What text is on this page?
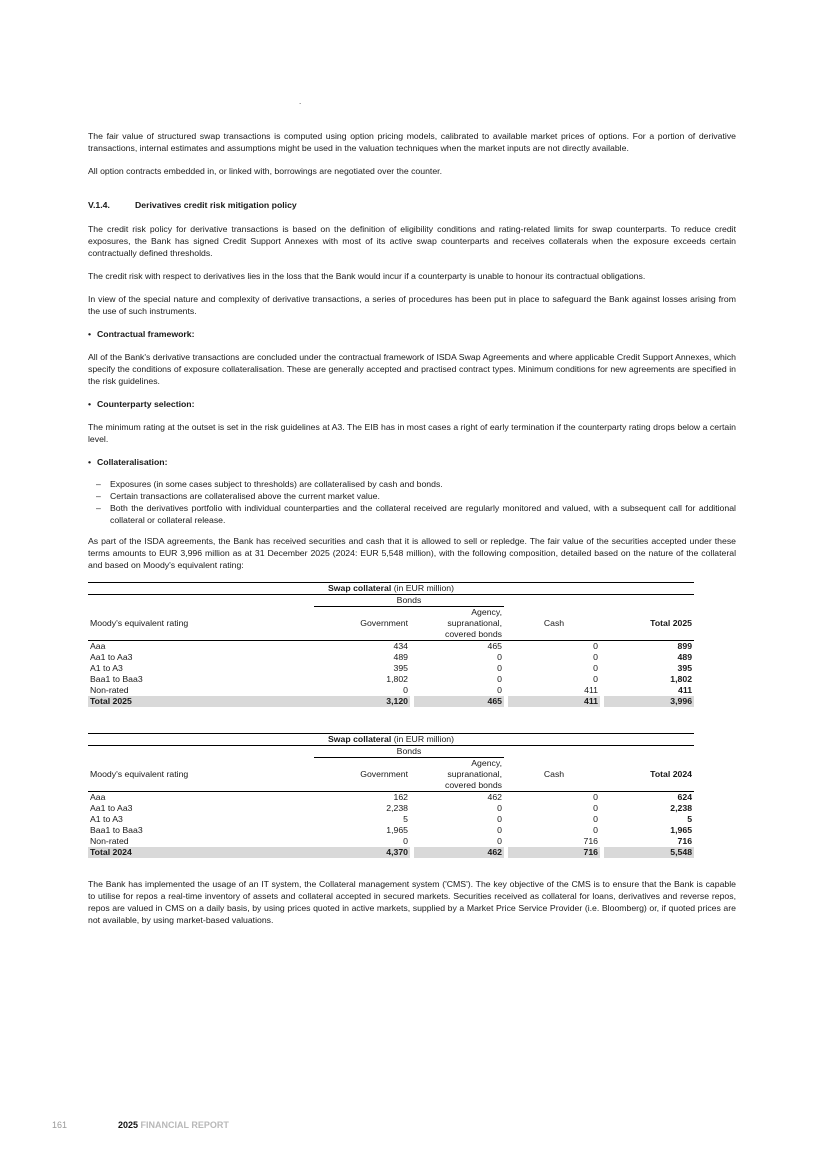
.

The fair value of structured swap transactions is computed using option pricing models, calibrated to available market prices of options. For a portion of derivative transactions, internal estimates and assumptions might be used in the valuation techniques when the market inputs are not directly available.

All option contracts embedded in, or linked with, borrowings are negotiated over the counter.

V.1.4.	Derivatives credit risk mitigation policy

The credit risk policy for derivative transactions is based on the definition of eligibility conditions and rating-related limits for swap counterparts. To reduce credit exposures, the Bank has signed Credit Support Annexes with most of its active swap counterparts and receives collaterals when the exposure exceeds certain contractually defined thresholds.

The credit risk with respect to derivatives lies in the loss that the Bank would incur if a counterparty is unable to honour its contractual obligations.

In view of the special nature and complexity of derivative transactions, a series of procedures has been put in place to safeguard the Bank against losses arising from the use of such instruments.

• Contractual framework:

All of the Bank's derivative transactions are concluded under the contractual framework of ISDA Swap Agreements and where applicable Credit Support Annexes, which specify the conditions of exposure collateralisation. These are generally accepted and practised contract types. Minimum conditions for new agreements are specified in the risk guidelines.

• Counterparty selection:

The minimum rating at the outset is set in the risk guidelines at A3. The EIB has in most cases a right of early termination if the counterparty rating drops below a certain level.

• Collateralisation:
– Exposures (in some cases subject to thresholds) are collateralised by cash and bonds.
– Certain transactions are collateralised above the current market value.
– Both the derivatives portfolio with individual counterparties and the collateral received are regularly monitored and valued, with a subsequent call for additional collateral or collateral release.

As part of the ISDA agreements, the Bank has received securities and cash that it is allowed to sell or repledge. The fair value of the securities accepted under these terms amounts to EUR 3,996 million as at 31 December 2025 (2024: EUR 5,548 million), with the following composition, detailed based on the nature of the collateral and based on Moody's equivalent rating:

Swap collateral (in EUR million)							
	Bonds						
Moody's equivalent rating	Government		Agency,		Cash		Total 2025
			supranational,				
			covered bonds				
Aaa	434		465		0		899
Aa1 to Aa3	489		0		0		489
A1 to A3	395		0		0		395
Baa1 to Baa3	1,802		0		0		1,802
Non-rated	0		0		411		411
Total 2025	3,120		465		411		3,996
Swap collateral (in EUR million)							
	Bonds						
Moody's equivalent rating	Government		Agency,		Cash		Total 2024
			supranational,				
			covered bonds				
Aaa	162		462		0		624
Aa1 to Aa3	2,238		0		0		2,238
A1 to A3	5		0		0		5
Baa1 to Baa3	1,965		0		0		1,965
Non-rated	0		0		716		716
Total 2024	4,370		462		716		5,548

The Bank has implemented the usage of an IT system, the Collateral management system ('CMS'). The key objective of the CMS is to ensure that the Bank is capable to utilise for repos a real-time inventory of assets and collateral accepted in secured markets. Securities received as collateral for loans, derivatives and reverse repos, repos are valued in CMS on a daily basis, by using prices quoted in active markets, supplied by a Market Price Service Provider (i.e. Bloomberg) or, if quoted prices are not available, by using market-based valuations.

161	2025 FINANCIAL REPORT
